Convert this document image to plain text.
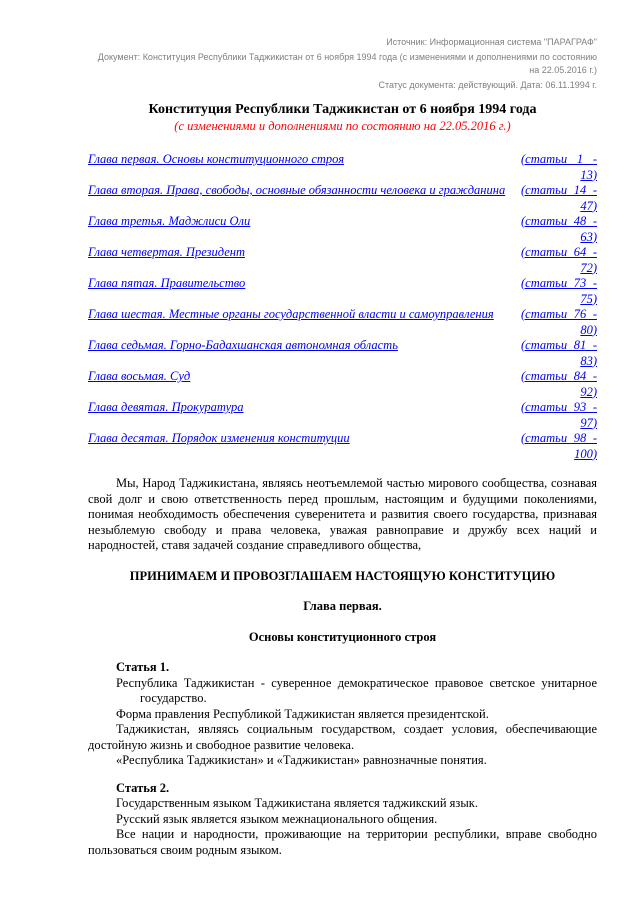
Источник: Информационная система "ПАРАГРАФ"

Документ: Конституция Республики Таджикистан от 6 ноября 1994 года (с изменениями и дополнениями по состоянию на 22.05.2016 г.)

Статус документа: действующий. Дата: 06.11.1994 г.

Конституция Республики Таджикистан от 6 ноября 1994 года

(с изменениями и дополнениями по состоянию на 22.05.2016 г.)

Глава первая. Основы конституционного строя	(статьи 1 - 13)
Глава вторая. Права, свободы, основные обязанности человека и гражданина	(статьи 14 - 47)
Глава третья. Маджлиси Оли	(статьи 48 - 63)
Глава четвертая. Президент	(статьи 64 - 72)
Глава пятая. Правительство	(статьи 73 - 75)
Глава шестая. Местные органы государственной власти и самоуправления	(статьи 76 - 80)
Глава седьмая. Горно-Бадахшанская автономная область	(статьи 81 - 83)
Глава восьмая. Суд	(статьи 84 - 92)
Глава девятая. Прокуратура	(статьи 93 - 97)
Глава десятая. Порядок изменения конституции	(статьи 98 - 100)

Мы, Народ Таджикистана, являясь неотъемлемой частью мирового сообщества, сознавая свой долг и свою ответственность перед прошлым, настоящим и будущими поколениями, понимая необходимость обеспечения суверенитета и развития своего государства, признавая незыблемую свободу и права человека, уважая равноправие и дружбу всех наций и народностей, ставя задачей создание справедливого общества,

ПРИНИМАЕМ И ПРОВОЗГЛАШАЕМ НАСТОЯЩУЮ КОНСТИТУЦИЮ

Глава первая.

Основы конституционного строя

Статья 1.

Республика Таджикистан - суверенное демократическое правовое светское унитарное

государство.

Форма правления Республикой Таджикистан является президентской.

Таджикистан, являясь социальным государством, создает условия, обеспечивающие достойную жизнь и свободное развитие человека.

«Республика Таджикистан» и «Таджикистан» равнозначные понятия.

Статья 2.

Государственным языком Таджикистана является таджикский язык.

Русский язык является языком межнационального общения.

Все нации и народности, проживающие на территории республики, вправе свободно пользоваться своим родным языком.
